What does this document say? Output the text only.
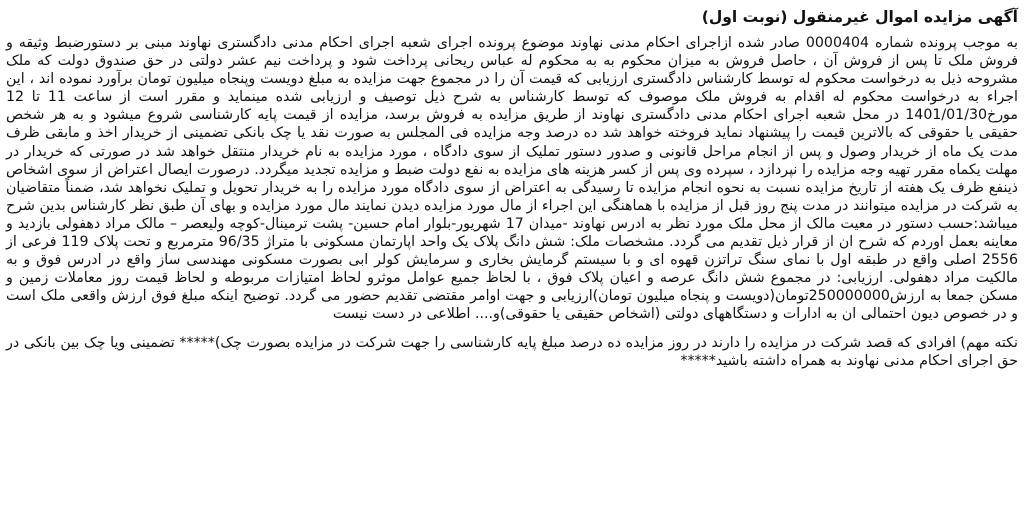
آگهی مزایده اموال غیرمنقول (نوبت اول)

به موجب پرونده شماره 0000404 صادر شده ازاجرای احکام مدنی نهاوند موضوع پرونده اجرای شعبه اجرای احکام مدنی دادگستری نهاوند مبنی بر دستورضبط وثیقه و فروش ملک تا پس از فروش آن ، حاصل فروش به میزان محکوم به به محکوم له عباس ریحانی پرداخت شود و پرداخت نیم عشر دولتی در حق صندوق دولت که ملک مشروحه ذیل به درخواست محکوم له توسط کارشناس دادگستری ارزیابی که قیمت آن را در مجموع جهت مزایده به مبلغ دویست وپنجاه میلیون تومان برآورد نموده اند ، این اجراء به درخواست محکوم له اقدام به فروش ملک موصوف که توسط کارشناس به شرح ذیل توصیف و ارزیابی شده مینماید و مقرر است از ساعت 11 تا 12 مورخ1401/01/30 در محل شعبه اجرای احکام مدنی دادگستری نهاوند از طریق مزایده به فروش برسد، مزایده از قیمت پایه کارشناسی شروع میشود و به هر شخص حقیقی یا حقوقی که بالاترین قیمت را پیشنهاد نماید فروخته خواهد شد ده درصد وجه مزایده فی المجلس به صورت نقد یا چک بانکی تضمینی از خریدار اخذ و مابقی ظرف مدت یک ماه از خریدار وصول و پس از انجام مراحل قانونی و صدور دستور تملیک از سوی دادگاه ، مورد مزایده به نام خریدار منتقل خواهد شد در صورتی که خریدار در مهلت یکماه مقرر تهیه وجه مزایده را نپردازد ، سپرده وی پس از کسر هزینه های مزایده به نفع دولت ضبط و مزایده تجدید میگردد. درصورت ایصال اعتراض از سوی اشخاص ذینفع ظرف یک هفته از تاریخ مزایده نسبت به نحوه انجام مزایده تا رسیدگی به اعتراض از سوی دادگاه مورد مزایده را به خریدار تحویل و تملیک نخواهد شد، ضمناً متقاضیان به شرکت در مزایده میتوانند در مدت پنج روز قبل از مزایده با هماهنگی این اجراء از مال مورد مزایده دیدن نمایند مال مورد مزایده و بهای آن طبق نظر کارشناس بدین شرح میباشد:حسب دستور در معیت مالک از محل ملک مورد نظر به ادرس نهاوند -میدان 17 شهریور-بلوار امام حسین- پشت ترمینال-کوچه ولیعصر – مالک مراد دهفولی بازدید و معاینه بعمل اوردم که شرح ان از قرار ذیل تقدیم می گردد. مشخصات ملک: شش دانگ پلاک یک واحد اپارتمان مسکونی با متراژ 96/35 مترمربع و تحت پلاک 119 فرعی از 2556 اصلی واقع در طبقه اول با نمای سنگ تراتزن قهوه ای و با سیستم گرمایش بخاری و سرمایش کولر ابی بصورت مسکونی مهندسی ساز واقع در ادرس فوق و به مالکیت مراد دهفولی. ارزیابی: در مجموع شش دانگ عرصه و اعیان پلاک فوق ، با لحاظ جمیع عوامل موثرو لحاظ امتیازات مربوطه و لحاظ قیمت روز معاملات زمین و مسکن جمعا به ارزش250000000تومان(دویست و پنجاه میلیون تومان)ارزیابی و جهت اوامر مقتضی تقدیم حضور می گردد. توضیح اینکه مبلغ فوق ارزش واقعی ملک است و در خصوص دیون احتمالی ان به ادارات و دستگاههای دولتی (اشخاص حقیقی یا حقوقی)و.... اطلاعی در دست نیست

نکته مهم) افرادی که قصد شرکت در مزایده را دارند در روز مزایده ده درصد مبلغ پایه کارشناسی را جهت شرکت در مزایده بصورت چک)***** تضمینی ویا چک بین بانکی در حق اجرای احکام مدنی نهاوند به همراه داشته باشید*****
